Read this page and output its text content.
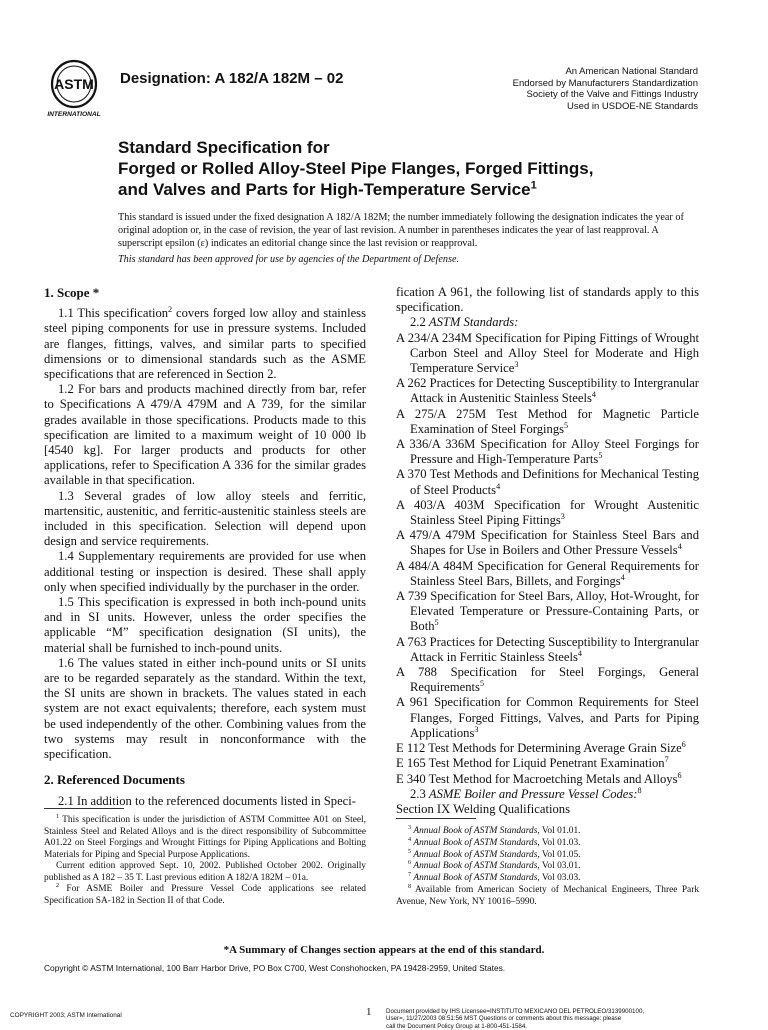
ASTM
INTERNATIONAL
Designation: A 182/A 182M – 02	An American National Standard
Endorsed by Manufacturers Standardization
Society of the Valve and Fittings Industry
Used in USDOE-NE Standards
Standard Specification for
Forged or Rolled Alloy-Steel Pipe Flanges, Forged Fittings,
and Valves and Parts for High-Temperature Service$^1$
This standard is issued under the fixed designation A 182/A 182M; the number immediately following the designation indicates the year of original adoption or, in the case of revision, the year of last revision. A number in parentheses indicates the year of last reapproval. A superscript epsilon (ε) indicates an editorial change since the last revision or reapproval.
This standard has been approved for use by agencies of the Department of Defense.
1. Scope *

1.1 This specification$^2$ covers forged low alloy and stainless steel piping components for use in pressure systems. Included are flanges, fittings, valves, and similar parts to specified dimensions or to dimensional standards such as the ASME specifications that are referenced in Section 2.

1.2 For bars and products machined directly from bar, refer to Specifications A 479/A 479M and A 739, for the similar grades available in those specifications. Products made to this specification are limited to a maximum weight of 10 000 lb [4540 kg]. For larger products and products for other applications, refer to Specification A 336 for the similar grades available in that specification.

1.3 Several grades of low alloy steels and ferritic, martensitic, austenitic, and ferritic-austenitic stainless steels are included in this specification. Selection will depend upon design and service requirements.

1.4 Supplementary requirements are provided for use when additional testing or inspection is desired. These shall apply only when specified individually by the purchaser in the order.

1.5 This specification is expressed in both inch-pound units and in SI units. However, unless the order specifies the applicable “M” specification designation (SI units), the material shall be furnished to inch-pound units.

1.6 The values stated in either inch-pound units or SI units are to be regarded separately as the standard. Within the text, the SI units are shown in brackets. The values stated in each system are not exact equivalents; therefore, each system must be used independently of the other. Combining values from the two systems may result in nonconformance with the specification.

2. Referenced Documents

2.1 In addition to the referenced documents listed in Speci-

fication A 961, the following list of standards apply to this specification.

2.2 ASTM Standards:

A 234/A 234M Specification for Piping Fittings of Wrought Carbon Steel and Alloy Steel for Moderate and High Temperature Service$^3$

A 262 Practices for Detecting Susceptibility to Intergranular Attack in Austenitic Stainless Steels$^4$

A 275/A 275M Test Method for Magnetic Particle Examination of Steel Forgings$^5$

A 336/A 336M Specification for Alloy Steel Forgings for Pressure and High-Temperature Parts$^5$

A 370 Test Methods and Definitions for Mechanical Testing of Steel Products$^4$

A 403/A 403M Specification for Wrought Austenitic Stainless Steel Piping Fittings$^3$

A 479/A 479M Specification for Stainless Steel Bars and Shapes for Use in Boilers and Other Pressure Vessels$^4$

A 484/A 484M Specification for General Requirements for Stainless Steel Bars, Billets, and Forgings$^4$

A 739 Specification for Steel Bars, Alloy, Hot-Wrought, for Elevated Temperature or Pressure-Containing Parts, or Both$^5$

A 763 Practices for Detecting Susceptibility to Intergranular Attack in Ferritic Stainless Steels$^4$

A 788 Specification for Steel Forgings, General Requirements$^5$

A 961 Specification for Common Requirements for Steel Flanges, Forged Fittings, Valves, and Parts for Piping Applications$^3$

E 112 Test Methods for Determining Average Grain Size$^6$

E 165 Test Method for Liquid Penetrant Examination$^7$

E 340 Test Method for Macroetching Metals and Alloys$^6$

2.3 ASME Boiler and Pressure Vessel Codes:$^8$

Section IX Welding Qualifications

$^1$ This specification is under the jurisdiction of ASTM Committee A01 on Steel, Stainless Steel and Related Alloys and is the direct responsibility of Subcommittee A01.22 on Steel Forgings and Wrought Fittings for Piping Applications and Bolting Materials for Piping and Special Purpose Applications.

Current edition approved Sept. 10, 2002. Published October 2002. Originally published as A 182 – 35 T. Last previous edition A 182/A 182M – 01a.

$^2$ For ASME Boiler and Pressure Vessel Code applications see related Specification SA-182 in Section II of that Code.

$^3$ Annual Book of ASTM Standards, Vol 01.01.

$^4$ Annual Book of ASTM Standards, Vol 01.03.

$^5$ Annual Book of ASTM Standards, Vol 01.05.

$^6$ Annual Book of ASTM Standards, Vol 03.01.

$^7$ Annual Book of ASTM Standards, Vol 03.03.

$^8$ Available from American Society of Mechanical Engineers, Three Park Avenue, New York, NY 10016–5990.

*A Summary of Changes section appears at the end of this standard.
Copyright © ASTM International, 100 Barr Harbor Drive, PO Box C700, West Conshohocken, PA 19428-2959, United States.
COPYRIGHT 2003; ASTM International	1 Document provided by IHS Licensee=INSTITUTO MEXICANO DEL PETROLEO/3139900100,
User=, 11/27/2003 08:51:56 MST Questions or comments about this message: please
call the Document Policy Group at 1-800-451-1584.
